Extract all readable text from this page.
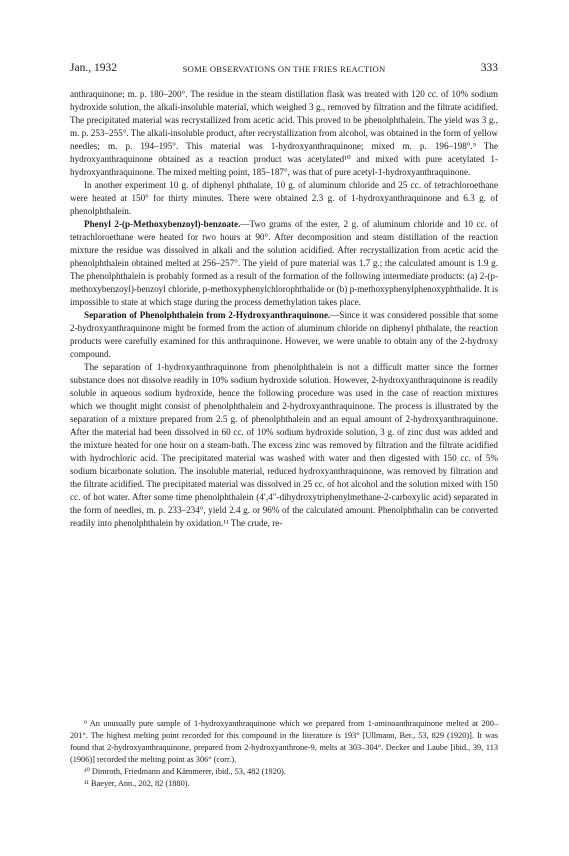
Jan., 1932	SOME OBSERVATIONS ON THE FRIES REACTION	333

anthraquinone; m. p. 180–200°. The residue in the steam distillation flask was treated with 120 cc. of 10% sodium hydroxide solution, the alkali-insoluble material, which weighed 3 g., removed by filtration and the filtrate acidified. The precipitated material was recrystallized from acetic acid. This proved to be phenolphthalein. The yield was 3 g., m. p. 253–255°. The alkali-insoluble product, after recrystallization from alcohol, was obtained in the form of yellow needles; m. p. 194–195°. This material was 1-hydroxyanthraquinone; mixed m. p. 196–198°.⁹ The hydroxyanthraquinone obtained as a reaction product was acetylated¹⁰ and mixed with pure acetylated 1-hydroxyanthraquinone. The mixed melting point, 185–187°, was that of pure acetyl-1-hydroxyanthraquinone.

In another experiment 10 g. of diphenyl phthalate, 10 g. of aluminum chloride and 25 cc. of tetrachloroethane were heated at 150° for thirty minutes. There were obtained 2.3 g. of 1-hydroxyanthraquinone and 6.3 g. of phenolphthalein.

Phenyl 2-(p-Methoxybenzoyl)-benzoate.—Two grams of the ester, 2 g. of aluminum chloride and 10 cc. of tetrachloroethane were heated for two hours at 90°. After decomposition and steam distillation of the reaction mixture the residue was dissolved in alkali and the solution acidified. After recrystallization from acetic acid the phenolphthalein obtained melted at 256–257°. The yield of pure material was 1.7 g.; the calculated amount is 1.9 g. The phenolphthalein is probably formed as a result of the formation of the following intermediate products: (a) 2-(p-methoxybenzoyl)-benzoyl chloride, p-methoxyphenylchlorophthalide or (b) p-methoxyphenylphenoxyphthalide. It is impossible to state at which stage during the process demethylation takes place.

Separation of Phenolphthalein from 2-Hydroxyanthraquinone.—Since it was considered possible that some 2-hydroxyanthraquinone might be formed from the action of aluminum chloride on diphenyl phthalate, the reaction products were carefully examined for this anthraquinone. However, we were unable to obtain any of the 2-hydroxy compound.

The separation of 1-hydroxyanthraquinone from phenolphthalein is not a difficult matter since the former substance does not dissolve readily in 10% sodium hydroxide solution. However, 2-hydroxyanthraquinone is readily soluble in aqueous sodium hydroxide, hence the following procedure was used in the case of reaction mixtures which we thought might consist of phenolphthalein and 2-hydroxyanthraquinone. The process is illustrated by the separation of a mixture prepared from 2.5 g. of phenolphthalein and an equal amount of 2-hydroxyanthraquinone. After the material had been dissolved in 60 cc. of 10% sodium hydroxide solution, 3 g. of zinc dust was added and the mixture heated for one hour on a steam-bath. The excess zinc was removed by filtration and the filtrate acidified with hydrochloric acid. The precipitated material was washed with water and then digested with 150 cc. of 5% sodium bicarbonate solution. The insoluble material, reduced hydroxyanthraquinone, was removed by filtration and the filtrate acidified. The precipitated material was dissolved in 25 cc. of hot alcohol and the solution mixed with 150 cc. of hot water. After some time phenolphthalein (4′,4″-dihydroxytriphenylmethane-2-carboxylic acid) separated in the form of needles, m. p. 233–234°, yield 2.4 g. or 96% of the calculated amount. Phenolphthalin can be converted readily into phenolphthalein by oxidation.¹¹ The crude, re-

⁹ An unusually pure sample of 1-hydroxyanthraquinone which we prepared from 1-aminoanthraquinone melted at 200–201°. The highest melting point recorded for this compound in the literature is 193° [Ullmann, Ber., 53, 829 (1920)]. It was found that 2-hydroxyanthraquinone, prepared from 2-hydroxyanthrone-9, melts at 303–304°. Decker and Laube [ibid., 39, 113 (1906)] recorded the melting point as 306° (corr.).

¹⁰ Dimroth, Friedmann and Kämmerer, ibid., 53, 482 (1920).

¹¹ Baeyer, Ann., 202, 82 (1880).
